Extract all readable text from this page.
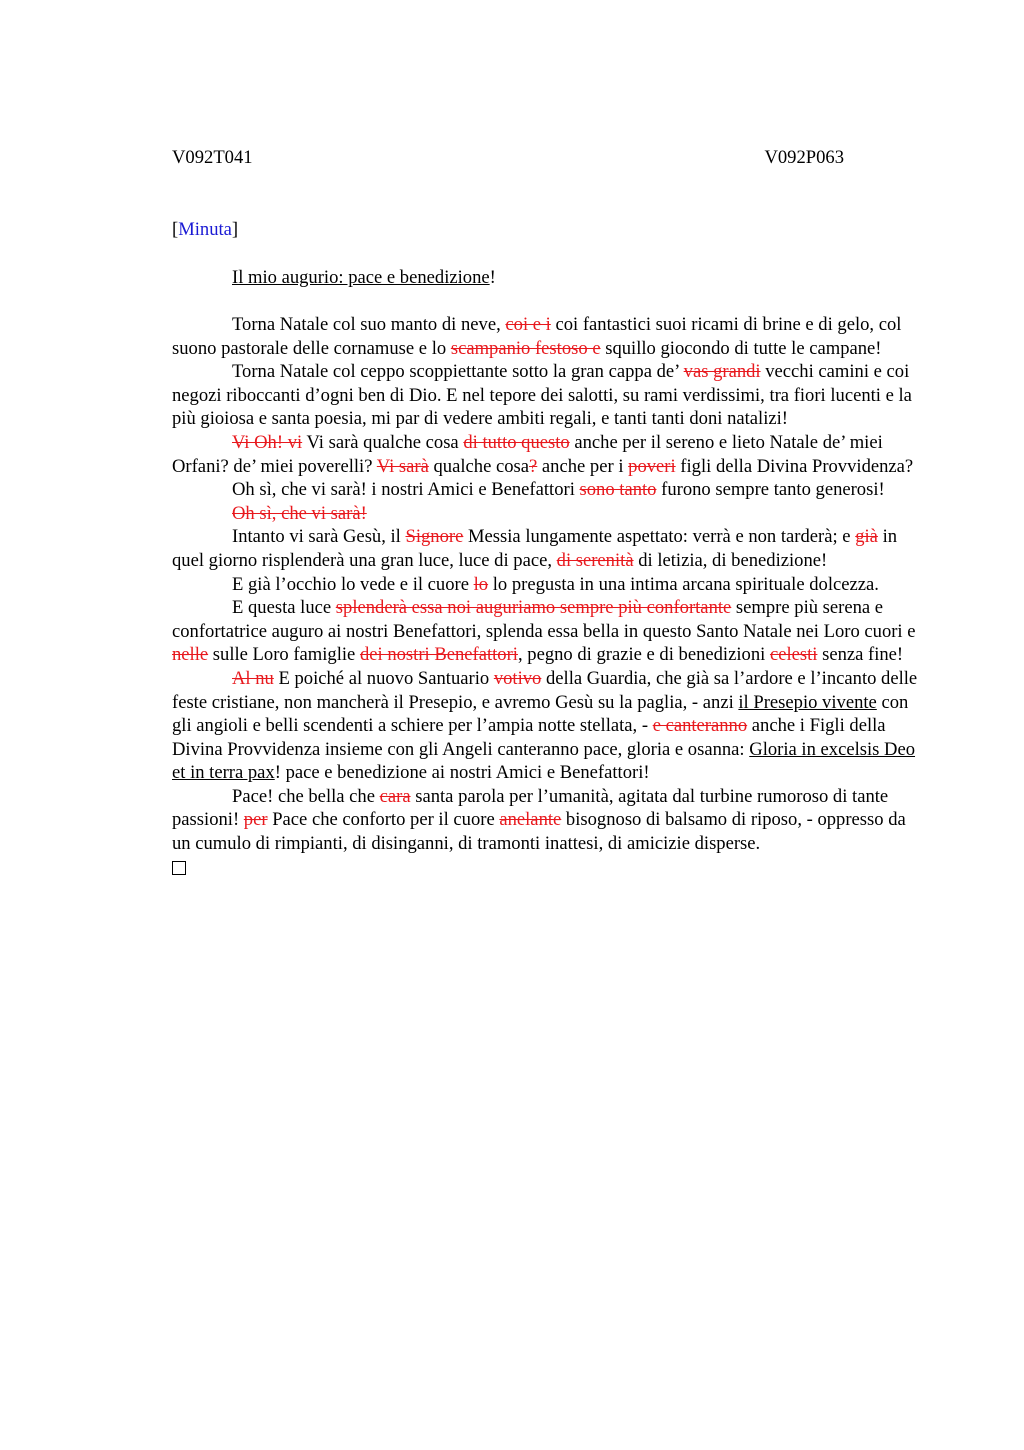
V092T041	V092P063
[Minuta]
Il mio augurio: pace e benedizione!

Torna Natale col suo manto di neve, coi e i coi fantastici suoi ricami di brine e di gelo, col suono pastorale delle cornamuse e lo scampanio festoso e squillo giocondo di tutte le campane!

Torna Natale col ceppo scoppiettante sotto la gran cappa de’ vas grandi vecchi camini e coi negozi riboccanti d’ogni ben di Dio. E nel tepore dei salotti, su rami verdissimi, tra fiori lucenti e la più gioiosa e santa poesia, mi par di vedere ambiti regali, e tanti tanti doni natalizi!

Vi Oh! vi Vi sarà qualche cosa di tutto questo anche per il sereno e lieto Natale de’ miei Orfani? de’ miei poverelli? Vi sarà qualche cosa? anche per i poveri figli della Divina Provvidenza?

Oh sì, che vi sarà! i nostri Amici e Benefattori sono tanto furono sempre tanto generosi!

Oh sì, che vi sarà!

Intanto vi sarà Gesù, il Signore Messia lungamente aspettato: verrà e non tarderà; e già in quel giorno risplenderà una gran luce, luce di pace, di serenità di letizia, di benedizione!

E già l’occhio lo vede e il cuore lo lo pregusta in una intima arcana spirituale dolcezza.

E questa luce splenderà essa noi auguriamo sempre più confortante sempre più serena e confortatrice auguro ai nostri Benefattori, splenda essa bella in questo Santo Natale nei Loro cuori e nelle sulle Loro famiglie dei nostri Benefattori, pegno di grazie e di benedizioni celesti senza fine!

Al nu E poiché al nuovo Santuario votivo della Guardia, che già sa l’ardore e l’incanto delle feste cristiane, non mancherà il Presepio, e avremo Gesù su la paglia, - anzi il Presepio vivente con gli angioli e belli scendenti a schiere per l’ampia notte stellata, - e canteranno anche i Figli della Divina Provvidenza insieme con gli Angeli canteranno pace, gloria e osanna: Gloria in excelsis Deo et in terra pax! pace e benedizione ai nostri Amici e Benefattori!

Pace! che bella che cara santa parola per l’umanità, agitata dal turbine rumoroso di tante passioni! per Pace che conforto per il cuore anelante bisognoso di balsamo di riposo, - oppresso da un cumulo di rimpianti, di disinganni, di tramonti inattesi, di amicizie disperse.
